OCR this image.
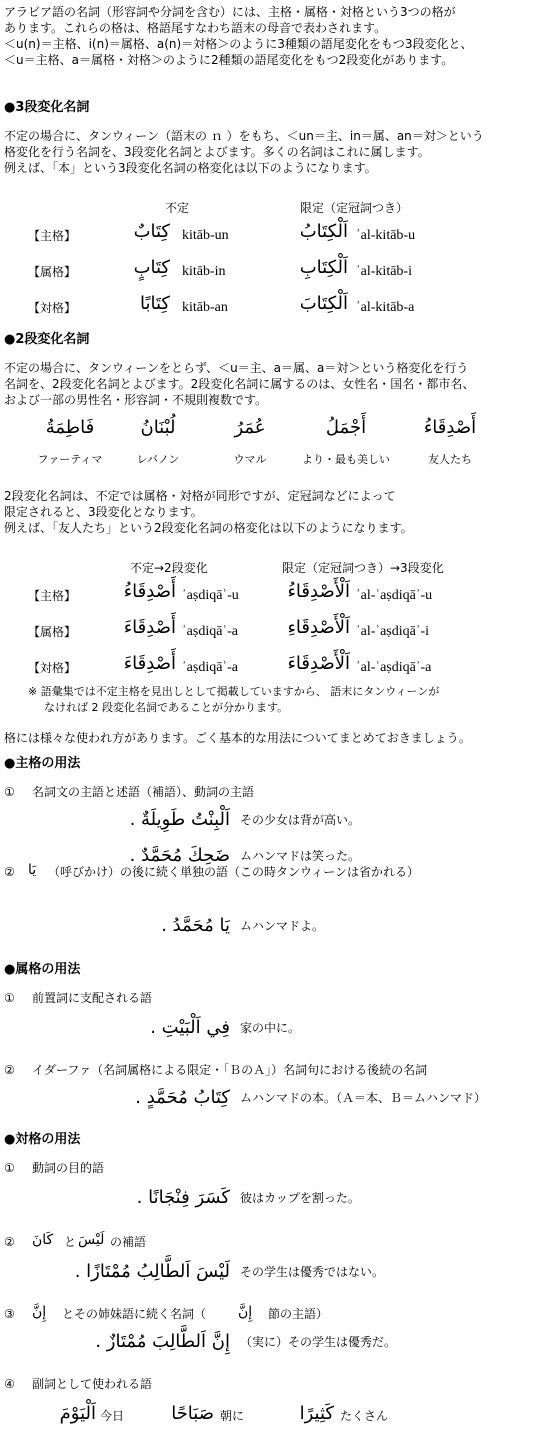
アラビア語の名詞（形容詞や分詞を含む）には、主格・属格・対格という3つの格が
あります。これらの格は、格語尾すなわち語末の母音で表わされます。
＜u(n)＝主格、i(n)＝属格、a(n)＝対格＞のように3種類の語尾変化をもつ3段変化と、
＜u＝主格、a＝属格・対格＞のように2種類の語尾変化をもつ2段変化があります。
●3段変化名詞
不定の場合に、タンウィーン（語末の ｎ ）をもち、＜un＝主、in＝属、an＝対＞という
格変化を行う名詞を、3段変化名詞とよびます。多くの名詞はこれに属します。
例えば、「本」という3段変化名詞の格変化は以下のようになります。
不定	限定（定冠詞つき）
【主格】	كِتَابٌ kitāb-un	اَلْكِتَابُ ʾal-kitāb-u
【属格】	كِتَابٍ kitāb-in	اَلْكِتَابِ ʾal-kitāb-i
【対格】	كِتَابًا kitāb-an	اَلْكِتَابَ ʾal-kitāb-a
●2段変化名詞
不定の場合に、タンウィーンをとらず、＜u＝主、a＝属、a＝対＞という格変化を行う
名詞を、2段変化名詞とよびます。2段変化名詞に属するのは、女性名・国名・都市名、
および一部の男性名・形容詞・不規則複数です。
فَاطِمَةُ
ファーティマ
لُبْنَانُ
レバノン
عُمَرُ
ウマル
أَجْمَلُ
より・最も美しい
أَصْدِقَاءُ
友人たち
2段変化名詞は、不定では属格・対格が同形ですが、定冠詞などによって
限定されると、3段変化となります。
例えば、「友人たち」という2段変化名詞の格変化は以下のようになります。
不定→2段変化	限定（定冠詞つき）→3段変化
【主格】	أَصْدِقَاءُ ʾaṣdiqāʾ-u	اَلْأَصْدِقَاءُ ʾal-ʾaṣdiqāʾ-u
【属格】	أَصْدِقَاءَ ʾaṣdiqāʾ-a	اَلْأَصْدِقَاءِ ʾal-ʾaṣdiqāʾ-i
【対格】	أَصْدِقَاءَ ʾaṣdiqāʾ-a	اَلْأَصْدِقَاءَ ʾal-ʾaṣdiqāʾ-a
※ 語彙集では不定主格を見出しとして掲載していますから、 語末にタンウィーンが
なければ 2 段変化名詞であることが分かります。
格には様々な使われ方があります。ごく基本的な用法についてまとめておきましょう。
●主格の用法
① 名詞文の主語と述語（補語）、動詞の主語
اَلْبِنْتُ طَوِيلَةٌ . その少女は背が高い。
ضَحِكَ مُحَمَّدٌ . ムハンマドは笑った。
② يَا （呼びかけ）の後に続く単独の語（この時タンウィーンは省かれる）
يَا مُحَمَّدُ . ムハンマドよ。
●属格の用法
① 前置詞に支配される語
فِي اَلْبَيْتِ . 家の中に。
② イダーファ（名詞属格による限定・「ＢのＡ」）名詞句における後続の名詞
كِتَابُ مُحَمَّدٍ . ムハンマドの本。（Ａ＝本、Ｂ＝ムハンマド）
●対格の用法
① 動詞の目的語
كَسَرَ فِنْجَانًا . 彼はカップを割った。
② كَانَ と لَيْسَ の補語
لَيْسَ اَلطَّالِبُ مُمْتَازًا . その学生は優秀ではない。
③ إِنَّ とその姉妹語に続く名詞（ إِنَّ 節の主語）
إِنَّ اَلطَّالِبَ مُمْتَازٌ . （実に）その学生は優秀だ。
④ 副詞として使われる語
اَلْيَوْمَ 今日	صَبَاحًا 朝に	كَثِيرًا たくさん
